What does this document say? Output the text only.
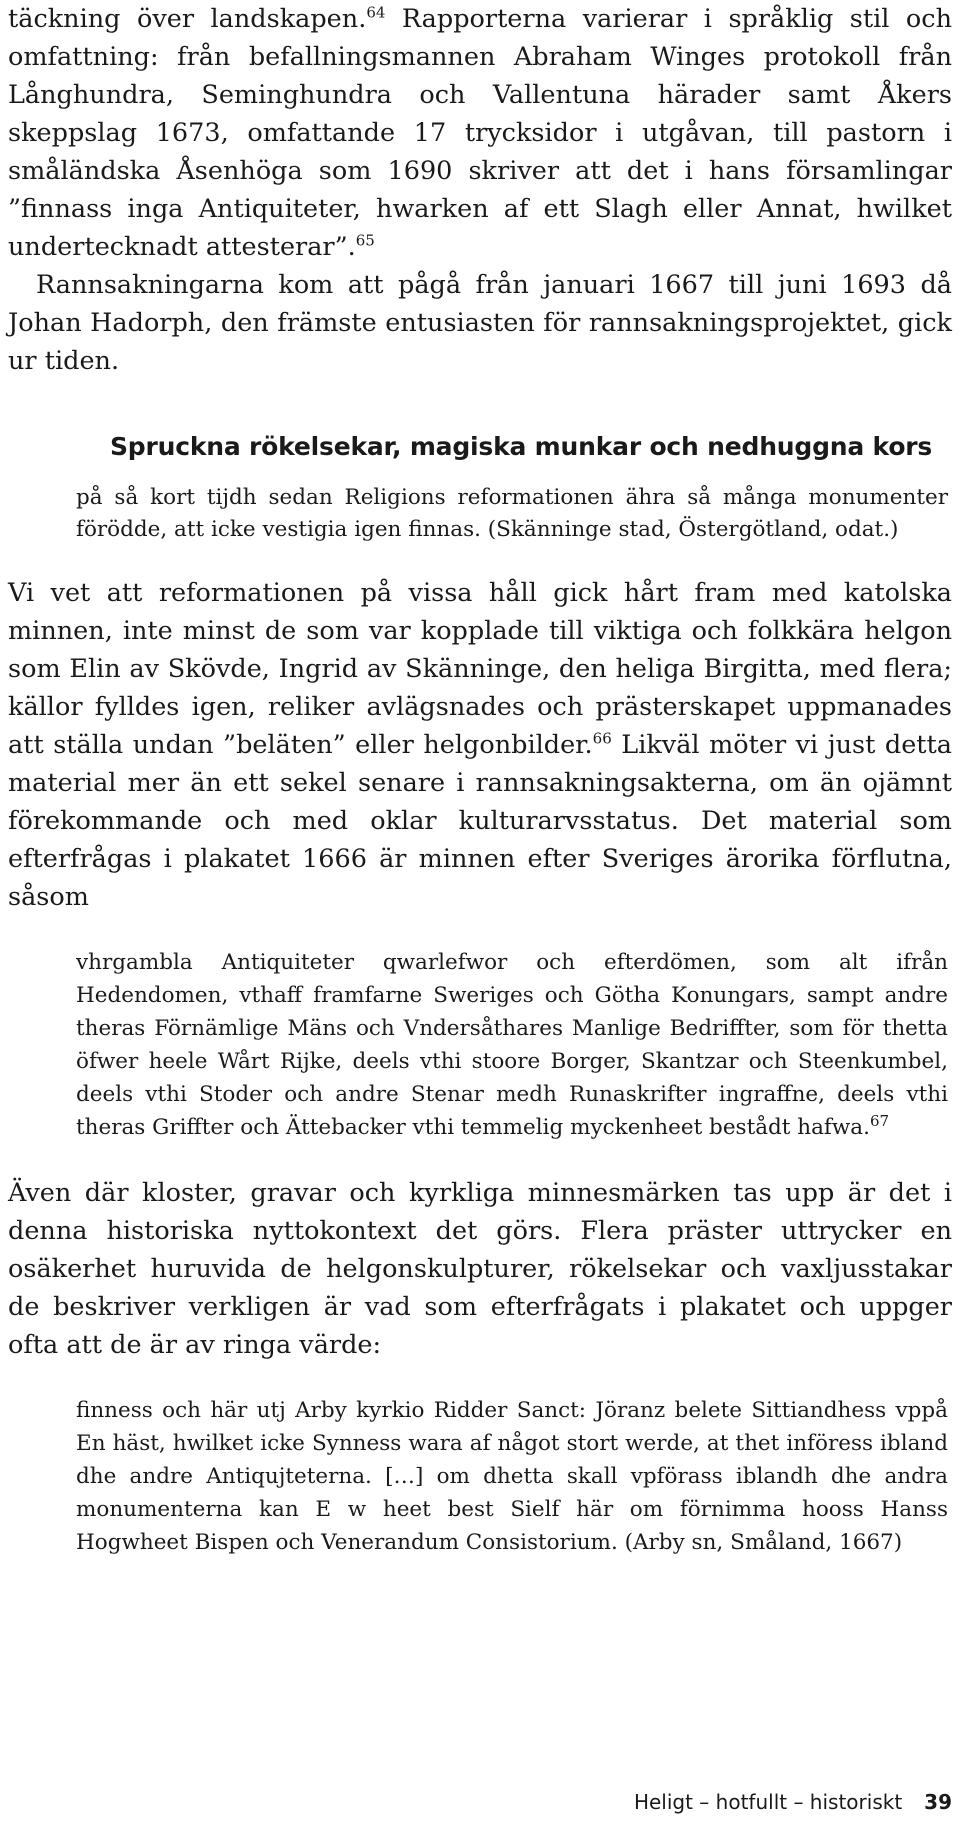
täckning över landskapen.$^{64}$ Rapporterna varierar i språklig stil och omfattning: från befallningsmannen Abraham Winges protokoll från Långhundra, Seminghundra och Vallentuna härader samt Åkers skeppslag 1673, omfattande 17 trycksidor i utgåvan, till pastorn i småländska Åsenhöga som 1690 skriver att det i hans församlingar ”finnass inga Antiquiteter, hwarken af ett Slagh eller Annat, hwilket undertecknadt attesterar”.$^{65}$

Rannsakningarna kom att pågå från januari 1667 till juni 1693 då Johan Hadorph, den främste entusiasten för rannsakningsprojektet, gick ur tiden.

Spruckna rökelsekar, magiska munkar och nedhuggna kors

på så kort tijdh sedan Religions reformationen ähra så många monumenter förödde, att icke vestigia igen finnas. (Skänninge stad, Östergötland, odat.)

Vi vet att reformationen på vissa håll gick hårt fram med katolska minnen, inte minst de som var kopplade till viktiga och folkkära helgon som Elin av Skövde, Ingrid av Skänninge, den heliga Birgitta, med flera; källor fylldes igen, reliker avlägsnades och prästerskapet uppmanades att ställa undan ”beläten” eller helgonbilder.$^{66}$ Likväl möter vi just detta material mer än ett sekel senare i rannsakningsakterna, om än ojämnt förekommande och med oklar kulturarvsstatus. Det material som efterfrågas i plakatet 1666 är minnen efter Sveriges ärorika förflutna, såsom

vhrgambla Antiquiteter qwarlefwor och efterdömen, som alt ifrån Hedendomen, vthaff framfarne Sweriges och Götha Konungars, sampt andre theras Förnämlige Mäns och Vndersåthares Manlige Bedriffter, som för thetta öfwer heele Wårt Rijke, deels vthi stoore Borger, Skantzar och Steenkumbel, deels vthi Stoder och andre Stenar medh Runaskrifter ingraffne, deels vthi theras Griffter och Ättebacker vthi temmelig myckenheet bestådt hafwa.$^{67}$

Även där kloster, gravar och kyrkliga minnesmärken tas upp är det i denna historiska nyttokontext det görs. Flera präster uttrycker en osäkerhet huruvida de helgonskulpturer, rökelsekar och vaxljusstakar de beskriver verkligen är vad som efterfrågats i plakatet och uppger ofta att de är av ringa värde:

finness och här utj Arby kyrkio Ridder Sanct: Jöranz belete Sittiandhess vppå En häst, hwilket icke Synness wara af något stort werde, at thet införess ibland dhe andre Antiqujteterna. […] om dhetta skall vpförass iblandh dhe andra monumenterna kan E w heet best Sielf här om förnimma hooss Hanss Hogwheet Bispen och Venerandum Consistorium. (Arby sn, Småland, 1667)

Heligt – hotfullt – historiskt 39
